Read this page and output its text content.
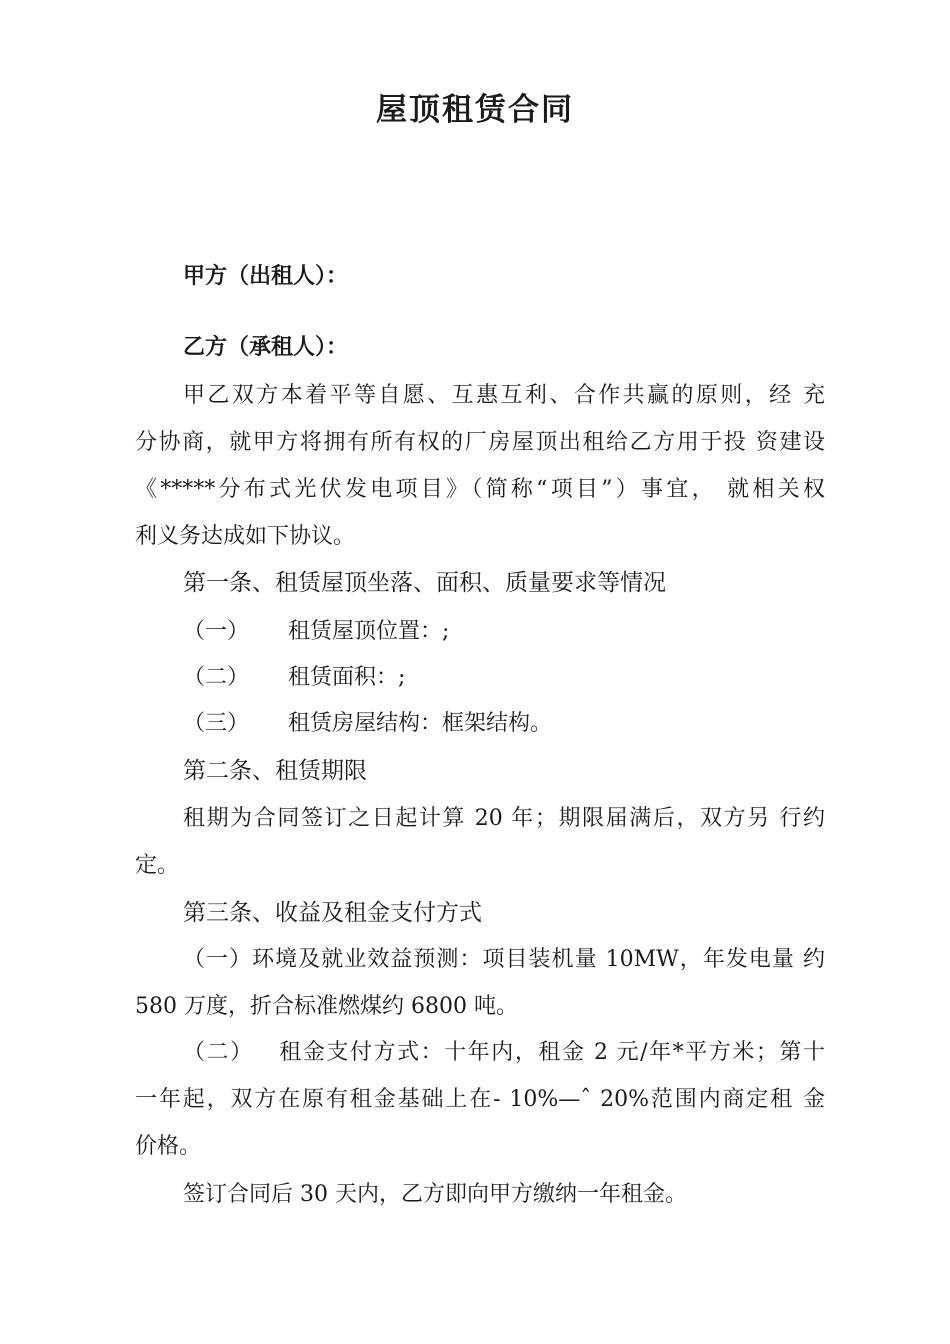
屋顶租赁合同
甲方（出租人）：
乙方（承租人）：
甲乙双方本着平等自愿、互惠互利、合作共赢的原则，经 充
分协商，就甲方将拥有所有权的厂房屋顶出租给乙方用于投 资建设
《*****分布式光伏发电项目》（简称“项目”）事宜， 就相关权
利义务达成如下协议。
第一条、租赁屋顶坐落、面积、质量要求等情况
（一） 租赁屋顶位置：;
（二） 租赁面积：;
（三） 租赁房屋结构：框架结构。
第二条、租赁期限
租期为合同签订之日起计算 20 年；期限届满后，双方另 行约
定。
第三条、收益及租金支付方式
（一）环境及就业效益预测：项目装机量 10MW，年发电量 约
580 万度，折合标准燃煤约 6800 吨。
（二）   租金支付方式：十年内，租金 2 元/年*平方米；第十
一年起，双方在原有租金基础上在- 10%—ˆ 20%范围内商定租 金
价格。
签订合同后 30 天内，乙方即向甲方缴纳一年租金。
